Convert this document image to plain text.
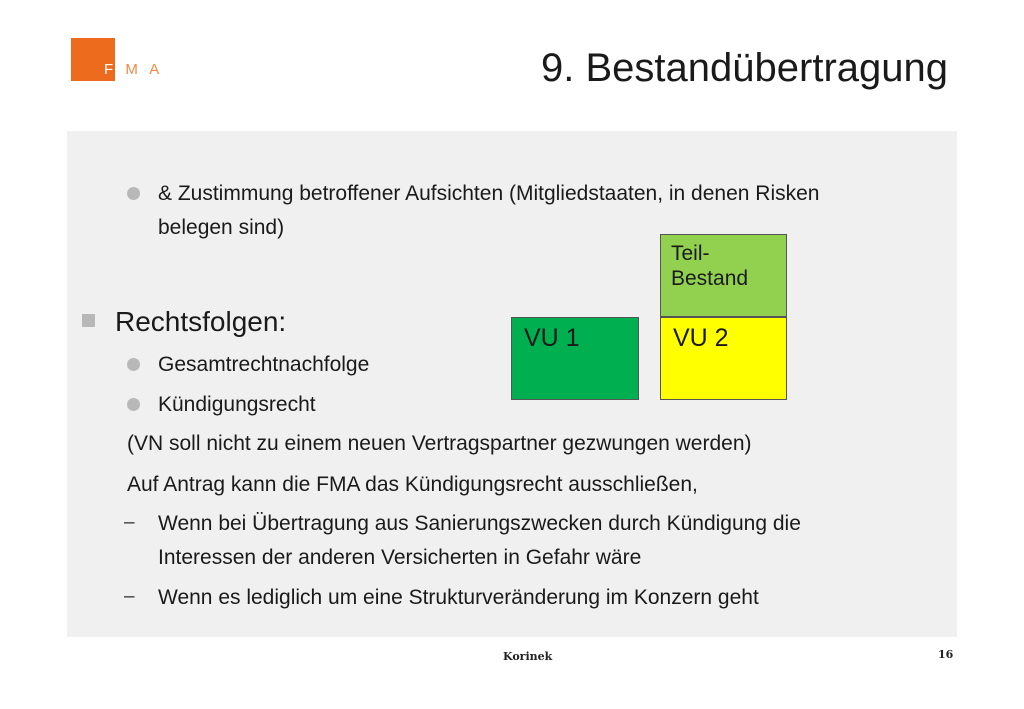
F M A	9. Bestandübertragung
& Zustimmung betroffener Aufsichten (Mitgliedstaaten, in denen Risken
belegen sind)
Rechtsfolgen:
Gesamtrechtnachfolge
Kündigungsrecht
(VN soll nicht zu einem neuen Vertragspartner gezwungen werden)
Auf Antrag kann die FMA das Kündigungsrecht ausschließen,
– Wenn bei Übertragung aus Sanierungszwecken durch Kündigung die
Interessen der anderen Versicherten in Gefahr wäre
– Wenn es lediglich um eine Strukturveränderung im Konzern geht
VU 1
Teil-
Bestand
VU 2
Korinek	16
